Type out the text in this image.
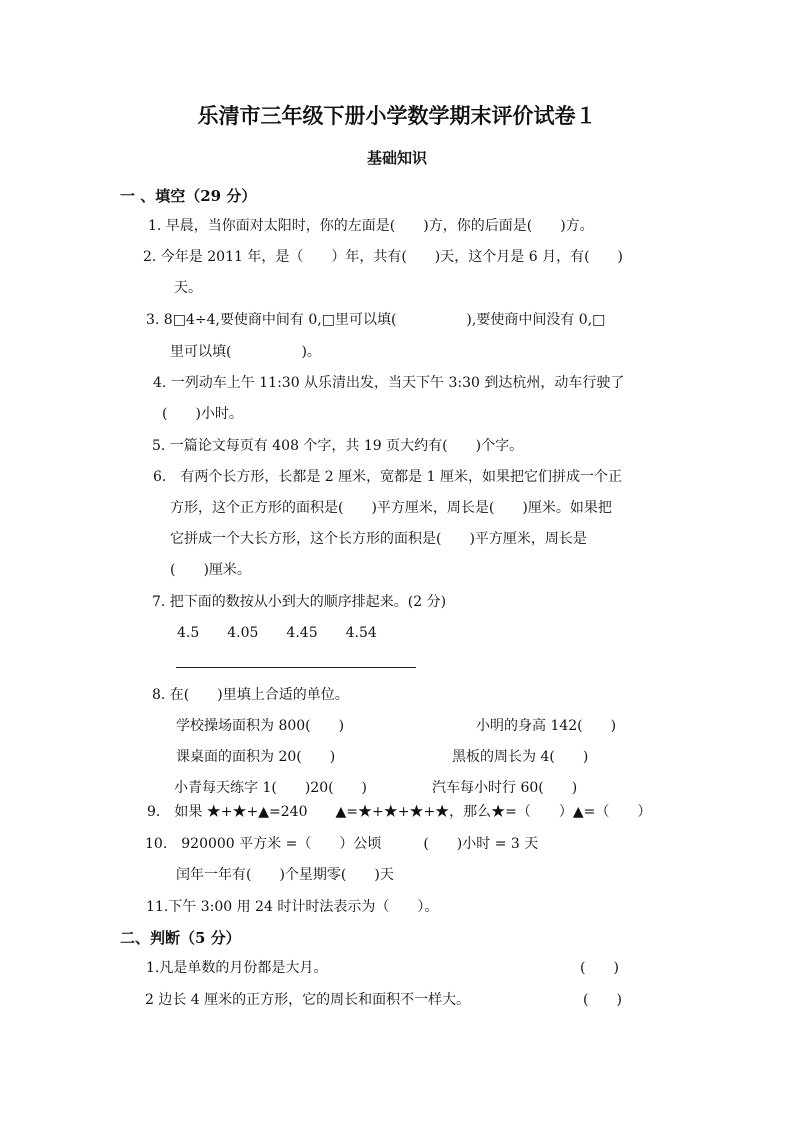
乐清市三年级下册小学数学期末评价试卷１
基础知识
一 、填空（29 分）
1. 早晨，当你面对太阳时，你的左面是(　　)方，你的后面是(　　)方。
2. 今年是 2011 年，是（　　）年，共有(　　)天，这个月是 6 月，有(　　)
天。
3. 8□4÷4,要使商中间有 0,□里可以填(　　　　　),要使商中间没有 0,□
里可以填(　　　　　)。
4. 一列动车上午 11:30 从乐清出发，当天下午 3:30 到达杭州，动车行驶了
(　　)小时。
5. 一篇论文每页有 408 个字，共 19 页大约有(　　)个字。
6.　有两个长方形，长都是 2 厘米，宽都是 1 厘米，如果把它们拼成一个正
方形，这个正方形的面积是(　　)平方厘米，周长是(　　)厘米。如果把
它拼成一个大长方形，这个长方形的面积是(　　)平方厘米，周长是
(　　)厘米。
7. 把下面的数按从小到大的顺序排起来。(2 分)
4.5　　4.05　　4.45　　4.54
8. 在(　　)里填上合适的单位。
学校操场面积为 800(　　)	小明的身高 142(　　)
课桌面的面积为 20(　　)	黑板的周长为 4(　　)
小青每天练字 1(　　)20(　　)	汽车每小时行 60(　　)
9.　如果 ★+★+▲=240　　▲=★+★+★+★，那么★=（　　）▲=（　　）
10.　920000 平方米 =（　　）公顷　　　(　　)小时 = 3 天
闰年一年有(　　)个星期零(　　)天
11.下午 3:00 用 24 时计时法表示为（　　）。
二、判断（5 分）
1.凡是单数的月份都是大月。	(　　)
2 边长 4 厘米的正方形，它的周长和面积不一样大。	(　　)
